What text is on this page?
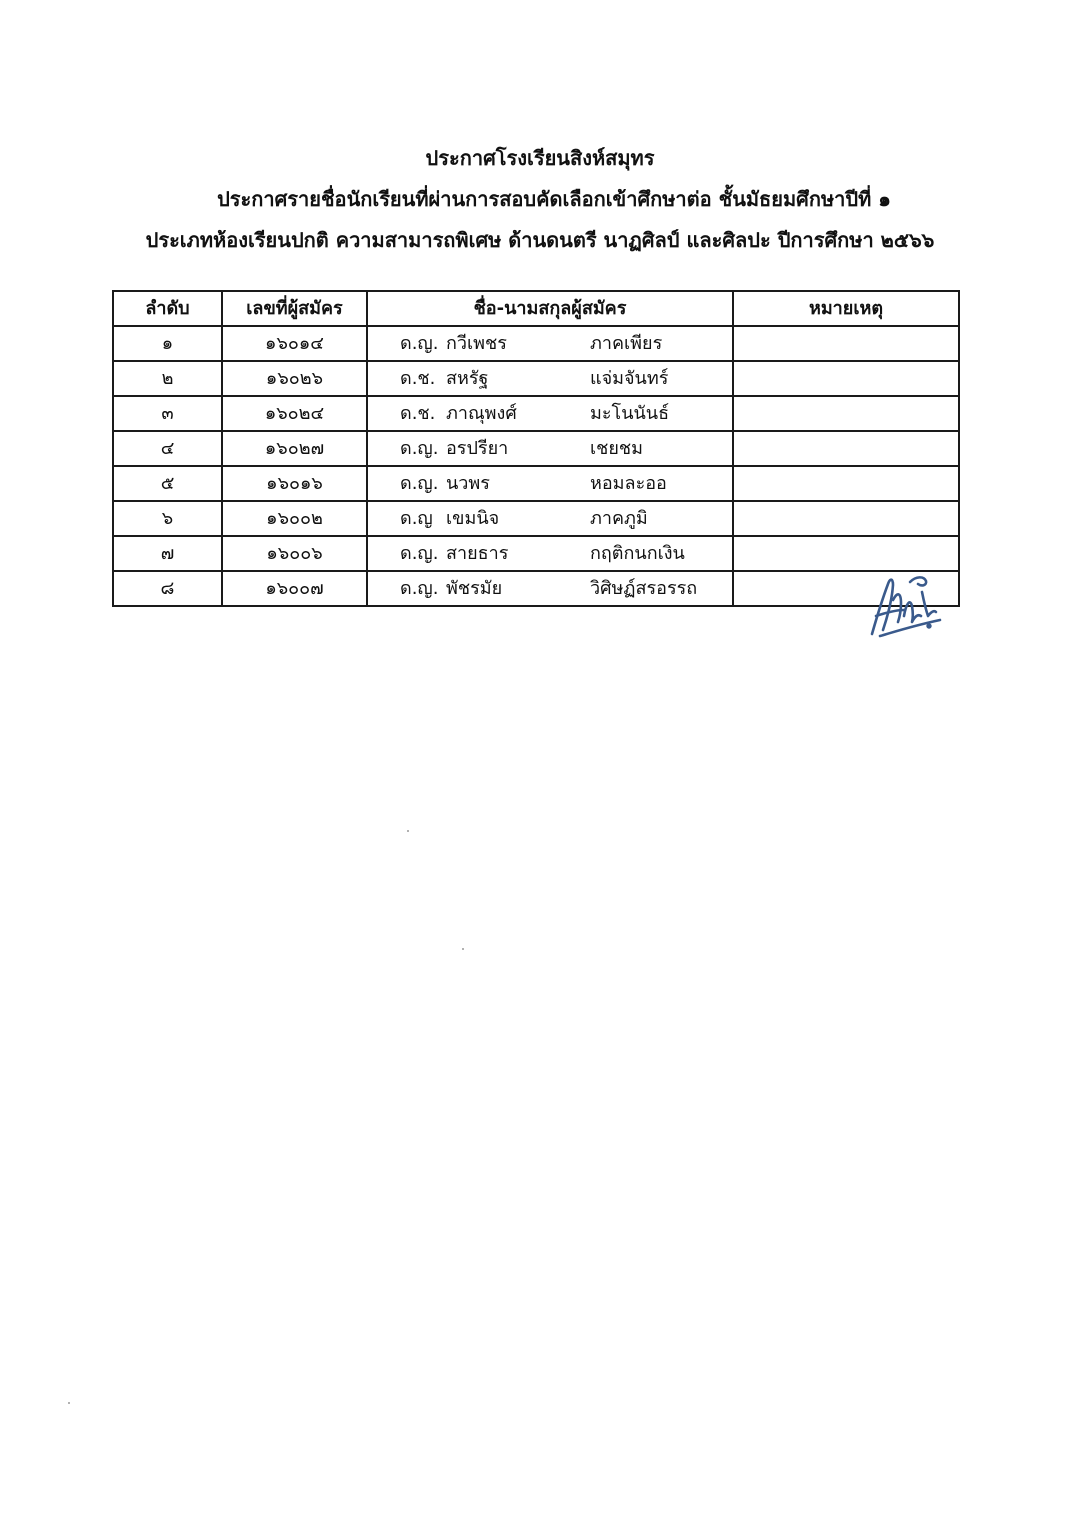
ประกาศโรงเรียนสิงห์สมุทร
ประกาศรายชื่อนักเรียนที่ผ่านการสอบคัดเลือกเข้าศึกษาต่อ ชั้นมัธยมศึกษาปีที่ ๑
ประเภทห้องเรียนปกติ ความสามารถพิเศษ ด้านดนตรี นาฏศิลป์ และศิลปะ ปีการศึกษา ๒๕๖๖
ลำดับ	เลขที่ผู้สมัคร	ชื่อ-นามสกุลผู้สมัคร	หมายเหตุ
๑	๑๖๐๑๔	ด.ญ. กวีเพชร ภาคเพียร	

๒	๑๖๐๒๖	ด.ช. สหรัฐ แจ่มจันทร์	

๓	๑๖๐๒๔	ด.ช. ภาณุพงศ์ มะโนนันธ์	

๔	๑๖๐๒๗	ด.ญ. อรปรียา เชยชม	

๕	๑๖๐๑๖	ด.ญ. นวพร หอมละออ	

๖	๑๖๐๐๒	ด.ญ เขมนิจ ภาคภูมิ	

๗	๑๖๐๐๖	ด.ญ. สายธาร กฤติกนกเงิน	

๘	๑๖๐๐๗	ด.ญ. พัชรมัย วิศิษฏ์สรอรรถ	
